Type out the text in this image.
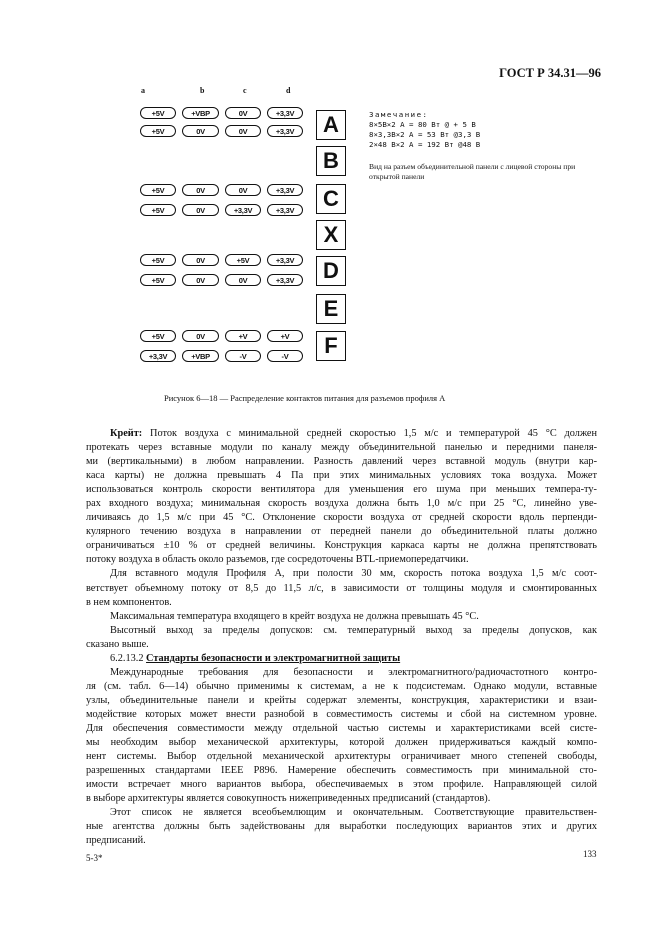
ГОСТ Р 34.31—96
a	b	c	d
+5V	+VBP	0V	+3,3V
+5V	0V	0V	+3,3V
+5V	0V	0V	+3,3V
+5V	0V	+3,3V	+3,3V
+5V	0V	+5V	+3,3V
+5V	0V	0V	+3,3V
+5V	0V	+V	+V
+3,3V	+VBP	-V	-V
A
B
C
X
D
E
F
Замечание:
8×5В×2 А = 80 Вт @ + 5 В
8×3,3В×2 А = 53 Вт @3,3 В
2×48 В×2 А = 192 Вт @48 В
Вид на разъем объединительной панели с лицевой стороны при открытой панели
Рисунок 6—18 — Распределение контактов питания для разъемов профиля А

Крейт: Поток воздуха с минимальной средней скоростью 1,5 м/с и температурой 45 °С должен

протекать через вставные модули по каналу между объединительной панелью и передними панеля-

ми (вертикальными) в любом направлении. Разность давлений через вставной модуль (внутри кар-

каса карты) не должна превышать 4 Па при этих минимальных условиях тока воздуха. Может

использоваться контроль скорости вентилятора для уменьшения его шума при меньших темпера-ту-

рах входного воздуха; минимальная скорость воздуха должна быть 1,0 м/с при 25 °С, линейно уве-

личиваясь до 1,5 м/с при 45 °С. Отклонение скорости воздуха от средней скорости вдоль перпенди-

кулярного течению воздуха в направлении от передней панели до объединительной платы должно

ограничиваться ±10 % от средней величины. Конструкция каркаса карты не должна препятствовать

потоку воздуха в область около разъемов, где сосредоточены BTL-приемопередатчики.

Для вставного модуля Профиля А, при полости 30 мм, скорость потока воздуха 1,5 м/с соот-

ветствует объемному потоку от 8,5 до 11,5 л/с, в зависимости от толщины модуля и смонтированных

в нем компонентов.

Максимальная температура входящего в крейт воздуха не должна превышать 45 °С.

Высотный выход за пределы допусков: см. температурный выход за пределы допусков, как

сказано выше.

6.2.13.2 Стандарты безопасности и электромагнитной защиты

Международные требования для безопасности и электромагнитного/радиочастотного контро-

ля (см. табл. 6—14) обычно применимы к системам, а не к подсистемам. Однако модули, вставные

узлы, объединительные панели и крейты содержат элементы, конструкция, характеристики и взаи-

модействие которых может внести разнобой в совместимость системы и сбой на системном уровне.

Для обеспечения совместимости между отдельной частью системы и характеристиками всей систе-

мы необходим выбор механической архитектуры, которой должен придерживаться каждый компо-

нент системы. Выбор отдельной механической архитектуры ограничивает много степеней свободы,

разрешенных стандартами IEEE P896. Намерение обеспечить совместимость при минимальной сто-

имости встречает много вариантов выбора, обеспечиваемых в этом профиле. Направляющей силой

в выборе архитектуры является совокупность нижеприведенных предписаний (стандартов).

Этот список не является всеобъемлющим и окончательным. Соответствующие правительствен-

ные агентства должны быть задействованы для выработки последующих вариантов этих и других

предписаний.

5-3*	133
